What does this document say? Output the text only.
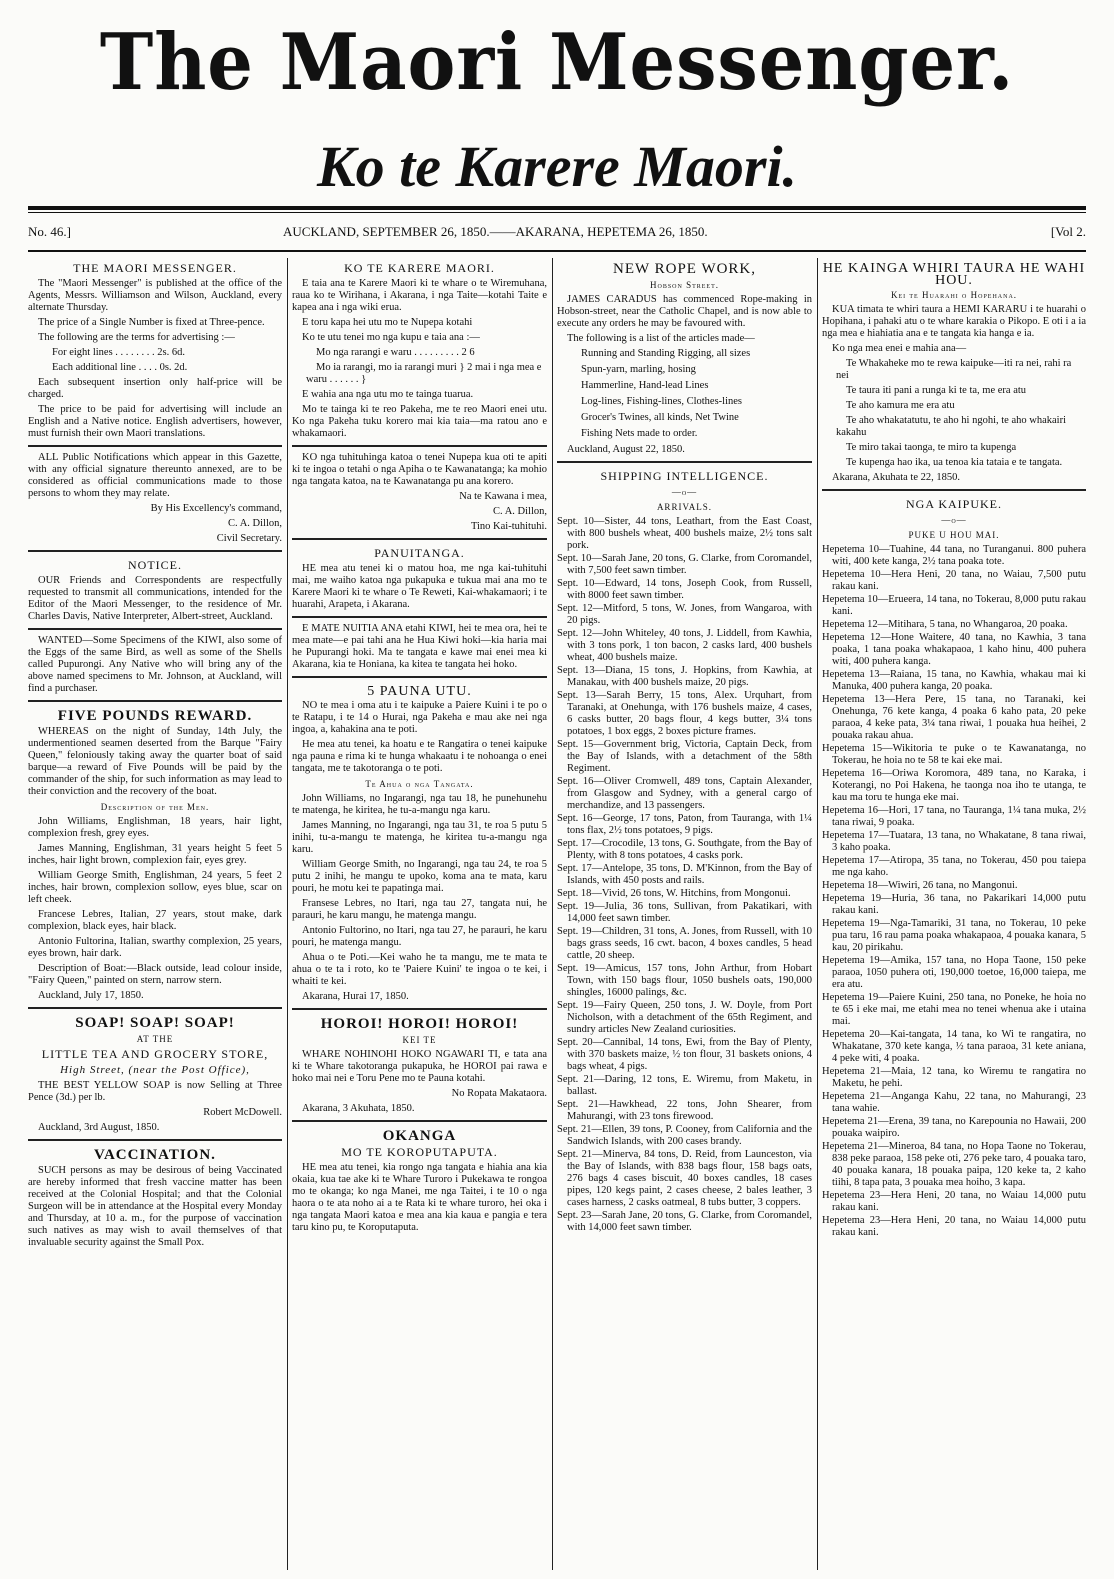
The Maori Messenger.
Ko te Karere Maori.
No. 46.]	AUCKLAND, SEPTEMBER 26, 1850.——AKARANA, HEPETEMA 26, 1850.	[Vol 2.
THE MAORI MESSENGER.

The "Maori Messenger" is published at the office of the Agents, Messrs. Williamson and Wilson, Auckland, every alternate Thursday.

The price of a Single Number is fixed at Three-pence.

The following are the terms for advertising :—

For eight lines . . . . . . . . 2s. 6d.

Each additional line . . . . 0s. 2d.

Each subsequent insertion only half-price will be charged.

The price to be paid for advertising will include an English and a Native notice. English advertisers, however, must furnish their own Maori translations.

ALL Public Notifications which appear in this Gazette, with any official signature thereunto annexed, are to be considered as official communications made to those persons to whom they may relate.

By His Excellency's command,

C. A. Dillon,

Civil Secretary.

NOTICE.

OUR Friends and Correspondents are respectfully requested to transmit all communications, intended for the Editor of the Maori Messenger, to the residence of Mr. Charles Davis, Native Interpreter, Albert-street, Auckland.

WANTED—Some Specimens of the KIWI, also some of the Eggs of the same Bird, as well as some of the Shells called Pupurongi. Any Native who will bring any of the above named specimens to Mr. Johnson, at Auckland, will find a purchaser.

FIVE POUNDS REWARD.

WHEREAS on the night of Sunday, 14th July, the undermentioned seamen deserted from the Barque "Fairy Queen," feloniously taking away the quarter boat of said barque—a reward of Five Pounds will be paid by the commander of the ship, for such information as may lead to their conviction and the recovery of the boat.

Description of the Men.

John Williams, Englishman, 18 years, hair light, complexion fresh, grey eyes.

James Manning, Englishman, 31 years height 5 feet 5 inches, hair light brown, complexion fair, eyes grey.

William George Smith, Englishman, 24 years, 5 feet 2 inches, hair brown, complexion sollow, eyes blue, scar on left cheek.

Francese Lebres, Italian, 27 years, stout make, dark complexion, black eyes, hair black.

Antonio Fultorina, Italian, swarthy complexion, 25 years, eyes brown, hair dark.

Description of Boat:—Black outside, lead colour inside, "Fairy Queen," painted on stern, narrow stern.

Auckland, July 17, 1850.

SOAP! SOAP! SOAP!
AT THE
LITTLE TEA AND GROCERY STORE,
High Street, (near the Post Office),

THE BEST YELLOW SOAP is now Selling at Three Pence (3d.) per lb.

Robert McDowell.

Auckland, 3rd August, 1850.

VACCINATION.

SUCH persons as may be desirous of being Vaccinated are hereby informed that fresh vaccine matter has been received at the Colonial Hospital; and that the Colonial Surgeon will be in attendance at the Hospital every Monday and Thursday, at 10 a. m., for the purpose of vaccination such natives as may wish to avail themselves of that invaluable security against the Small Pox.

KO TE KARERE MAORI.

E taia ana te Karere Maori ki te whare o te Wiremuhana, raua ko te Wirihana, i Akarana, i nga Taite—kotahi Taite e kapea ana i nga wiki erua.

E toru kapa hei utu mo te Nupepa kotahi

Ko te utu tenei mo nga kupu e taia ana :—

Mo nga rarangi e waru . . . . . . . . . 2 6

Mo ia rarangi, mo ia rarangi muri } 2 mai i nga mea e waru . . . . . . }

E wahia ana nga utu mo te tainga tuarua.

Mo te tainga ki te reo Pakeha, me te reo Maori enei utu. Ko nga Pakeha tuku korero mai kia taia—ma ratou ano e whakamaori.

KO nga tuhituhinga katoa o tenei Nupepa kua oti te apiti ki te ingoa o tetahi o nga Apiha o te Kawanatanga; ka mohio nga tangata katoa, na te Kawanatanga pu ana korero.

Na te Kawana i mea,

C. A. Dillon,

Tino Kai-tuhituhi.

PANUITANGA.

HE mea atu tenei ki o matou hoa, me nga kai-tuhituhi mai, me waiho katoa nga pukapuka e tukua mai ana mo te Karere Maori ki te whare o Te Reweti, Kai-whakamaori; i te huarahi, Arapeta, i Akarana.

E MATE NUITIA ANA etahi KIWI, hei te mea ora, hei te mea mate—e pai tahi ana he Hua Kiwi hoki—kia haria mai he Pupurangi hoki. Ma te tangata e kawe mai enei mea ki Akarana, kia te Honiana, ka kitea te tangata hei hoko.

5 PAUNA UTU.

NO te mea i oma atu i te kaipuke a Paiere Kuini i te po o te Ratapu, i te 14 o Hurai, nga Pakeha e mau ake nei nga ingoa, a, kahakina ana te poti.

He mea atu tenei, ka hoatu e te Rangatira o tenei kaipuke nga pauna e rima ki te hunga whakaatu i te nohoanga o enei tangata, me te takotoranga o te poti.

Te Ahua o nga Tangata.

John Williams, no Ingarangi, nga tau 18, he punehunehu te matenga, he kiritea, he tu-a-mangu nga karu.

James Manning, no Ingarangi, nga tau 31, te roa 5 putu 5 inihi, tu-a-mangu te matenga, he kiritea tu-a-mangu nga karu.

William George Smith, no Ingarangi, nga tau 24, te roa 5 putu 2 inihi, he mangu te upoko, koma ana te mata, karu pouri, he motu kei te papatinga mai.

Fransese Lebres, no Itari, nga tau 27, tangata nui, he parauri, he karu mangu, he matenga mangu.

Antonio Fultorino, no Itari, nga tau 27, he parauri, he karu pouri, he matenga mangu.

Ahua o te Poti.—Kei waho he ta mangu, me te mata te ahua o te ta i roto, ko te 'Paiere Kuini' te ingoa o te kei, i whaiti te kei.

Akarana, Hurai 17, 1850.

HOROI! HOROI! HOROI!
KEI TE

WHARE NOHINOHI HOKO NGAWARI TI, e tata ana ki te Whare takotoranga pukapuka, he HOROI pai rawa e hoko mai nei e Toru Pene mo te Pauna kotahi.

No Ropata Makataora.

Akarana, 3 Akuhata, 1850.

OKANGA
MO TE KOROPUTAPUTA.

HE mea atu tenei, kia rongo nga tangata e hiahia ana kia okaia, kua tae ake ki te Whare Turoro i Pukekawa te rongoa mo te okanga; ko nga Manei, me nga Taitei, i te 10 o nga haora o te ata noho ai a te Rata ki te whare turoro, hei oka i nga tangata Maori katoa e mea ana kia kaua e pangia e tera taru kino pu, te Koroputaputa.

NEW ROPE WORK,
Hobson Street.

JAMES CARADUS has commenced Rope-making in Hobson-street, near the Catholic Chapel, and is now able to execute any orders he may be favoured with.

The following is a list of the articles made—

Running and Standing Rigging, all sizes

Spun-yarn, marling, hosing

Hammerline, Hand-lead Lines

Log-lines, Fishing-lines, Clothes-lines

Grocer's Twines, all kinds, Net Twine

Fishing Nets made to order.

Auckland, August 22, 1850.

SHIPPING INTELLIGENCE.
—o—
ARRIVALS.

Sept. 10—Sister, 44 tons, Leathart, from the East Coast, with 800 bushels wheat, 400 bushels maize, 2½ tons salt pork.

Sept. 10—Sarah Jane, 20 tons, G. Clarke, from Coromandel, with 7,500 feet sawn timber.

Sept. 10—Edward, 14 tons, Joseph Cook, from Russell, with 8000 feet sawn timber.

Sept. 12—Mitford, 5 tons, W. Jones, from Wangaroa, with 20 pigs.

Sept. 12—John Whiteley, 40 tons, J. Liddell, from Kawhia, with 3 tons pork, 1 ton bacon, 2 casks lard, 400 bushels wheat, 400 bushels maize.

Sept. 13—Diana, 15 tons, J. Hopkins, from Kawhia, at Manakau, with 400 bushels maize, 20 pigs.

Sept. 13—Sarah Berry, 15 tons, Alex. Urquhart, from Taranaki, at Onehunga, with 176 bushels maize, 4 cases, 6 casks butter, 20 bags flour, 4 kegs butter, 3¼ tons potatoes, 1 box eggs, 2 boxes picture frames.

Sept. 15—Government brig, Victoria, Captain Deck, from the Bay of Islands, with a detachment of the 58th Regiment.

Sept. 16—Oliver Cromwell, 489 tons, Captain Alexander, from Glasgow and Sydney, with a general cargo of merchandize, and 13 passengers.

Sept. 16—George, 17 tons, Paton, from Tauranga, with 1¼ tons flax, 2½ tons potatoes, 9 pigs.

Sept. 17—Crocodile, 13 tons, G. Southgate, from the Bay of Plenty, with 8 tons potatoes, 4 casks pork.

Sept. 17—Antelope, 35 tons, D. M'Kinnon, from the Bay of Islands, with 450 posts and rails.

Sept. 18—Vivid, 26 tons, W. Hitchins, from Mongonui.

Sept. 19—Julia, 36 tons, Sullivan, from Pakatikari, with 14,000 feet sawn timber.

Sept. 19—Children, 31 tons, A. Jones, from Russell, with 10 bags grass seeds, 16 cwt. bacon, 4 boxes candles, 5 head cattle, 20 sheep.

Sept. 19—Amicus, 157 tons, John Arthur, from Hobart Town, with 150 bags flour, 1050 bushels oats, 190,000 shingles, 16000 palings, &c.

Sept. 19—Fairy Queen, 250 tons, J. W. Doyle, from Port Nicholson, with a detachment of the 65th Regiment, and sundry articles New Zealand curiosities.

Sept. 20—Cannibal, 14 tons, Ewi, from the Bay of Plenty, with 370 baskets maize, ½ ton flour, 31 baskets onions, 4 bags wheat, 4 pigs.

Sept. 21—Daring, 12 tons, E. Wiremu, from Maketu, in ballast.

Sept. 21—Hawkhead, 22 tons, John Shearer, from Mahurangi, with 23 tons firewood.

Sept. 21—Ellen, 39 tons, P. Cooney, from California and the Sandwich Islands, with 200 cases brandy.

Sept. 21—Minerva, 84 tons, D. Reid, from Launceston, via the Bay of Islands, with 838 bags flour, 158 bags oats, 276 bags 4 cases biscuit, 40 boxes candles, 18 cases pipes, 120 kegs paint, 2 cases cheese, 2 bales leather, 3 cases harness, 2 casks oatmeal, 8 tubs butter, 3 coppers.

Sept. 23—Sarah Jane, 20 tons, G. Clarke, from Coromandel, with 14,000 feet sawn timber.

HE KAINGA WHIRI TAURA HE WAHI HOU.
Kei te Huarahi o Hopehana.

KUA timata te whiri taura a HEMI KARARU i te huarahi o Hopihana, i pahaki atu o te whare karakia o Pikopo. E oti i a ia nga mea e hiahiatia ana e te tangata kia hanga e ia.

Ko nga mea enei e mahia ana—

Te Whakaheke mo te rewa kaipuke—iti ra nei, rahi ra nei

Te taura iti pani a runga ki te ta, me era atu

Te aho kamura me era atu

Te aho whakatatutu, te aho hi ngohi, te aho whakairi kakahu

Te miro takai taonga, te miro ta kupenga

Te kupenga hao ika, ua tenoa kia tataia e te tangata.

Akarana, Akuhata te 22, 1850.

NGA KAIPUKE.
—o—
PUKE U HOU MAI.

Hepetema 10—Tuahine, 44 tana, no Turanganui. 800 puhera witi, 400 kete kanga, 2½ tana poaka tote.

Hepetema 10—Hera Heni, 20 tana, no Waiau, 7,500 putu rakau kani.

Hepetema 10—Erueera, 14 tana, no Tokerau, 8,000 putu rakau kani.

Hepetema 12—Mitihara, 5 tana, no Whangaroa, 20 poaka.

Hepetema 12—Hone Waitere, 40 tana, no Kawhia, 3 tana poaka, 1 tana poaka whakapaoa, 1 kaho hinu, 400 puhera witi, 400 puhera kanga.

Hepetema 13—Raiana, 15 tana, no Kawhia, whakau mai ki Manuka, 400 puhera kanga, 20 poaka.

Hepetema 13—Hera Pere, 15 tana, no Taranaki, kei Onehunga, 76 kete kanga, 4 poaka 6 kaho pata, 20 peke paraoa, 4 keke pata, 3¼ tana riwai, 1 pouaka hua heihei, 2 pouaka rakau ahua.

Hepetema 15—Wikitoria te puke o te Kawanatanga, no Tokerau, he hoia no te 58 te kai eke mai.

Hepetema 16—Oriwa Koromora, 489 tana, no Karaka, i Koterangi, no Poi Hakena, he taonga noa iho te utanga, te kau ma toru te hunga eke mai.

Hepetema 16—Hori, 17 tana, no Tauranga, 1¼ tana muka, 2½ tana riwai, 9 poaka.

Hepetema 17—Tuatara, 13 tana, no Whakatane, 8 tana riwai, 3 kaho poaka.

Hepetema 17—Atiropa, 35 tana, no Tokerau, 450 pou taiepa me nga kaho.

Hepetema 18—Wiwiri, 26 tana, no Mangonui.

Hepetema 19—Huria, 36 tana, no Pakarikari 14,000 putu rakau kani.

Hepetema 19—Nga-Tamariki, 31 tana, no Tokerau, 10 peke pua taru, 16 rau pama poaka whakapaoa, 4 pouaka kanara, 5 kau, 20 pirikahu.

Hepetema 19—Amika, 157 tana, no Hopa Taone, 150 peke paraoa, 1050 puhera oti, 190,000 toetoe, 16,000 taiepa, me era atu.

Hepetema 19—Paiere Kuini, 250 tana, no Poneke, he hoia no te 65 i eke mai, me etahi mea no tenei whenua ake i utaina mai.

Hepetema 20—Kai-tangata, 14 tana, ko Wi te rangatira, no Whakatane, 370 kete kanga, ½ tana paraoa, 31 kete aniana, 4 peke witi, 4 poaka.

Hepetema 21—Maia, 12 tana, ko Wiremu te rangatira no Maketu, he pehi.

Hepetema 21—Anganga Kahu, 22 tana, no Mahurangi, 23 tana wahie.

Hepetema 21—Erena, 39 tana, no Karepounia no Hawaii, 200 pouaka waipiro.

Hepetema 21—Mineroa, 84 tana, no Hopa Taone no Tokerau, 838 peke paraoa, 158 peke oti, 276 peke taro, 4 pouaka taro, 40 pouaka kanara, 18 pouaka paipa, 120 keke ta, 2 kaho tiihi, 8 tapa pata, 3 pouaka mea hoiho, 3 kapa.

Hepetema 23—Hera Heni, 20 tana, no Waiau 14,000 putu rakau kani.

Hepetema 23—Hera Heni, 20 tana, no Waiau 14,000 putu rakau kani.
